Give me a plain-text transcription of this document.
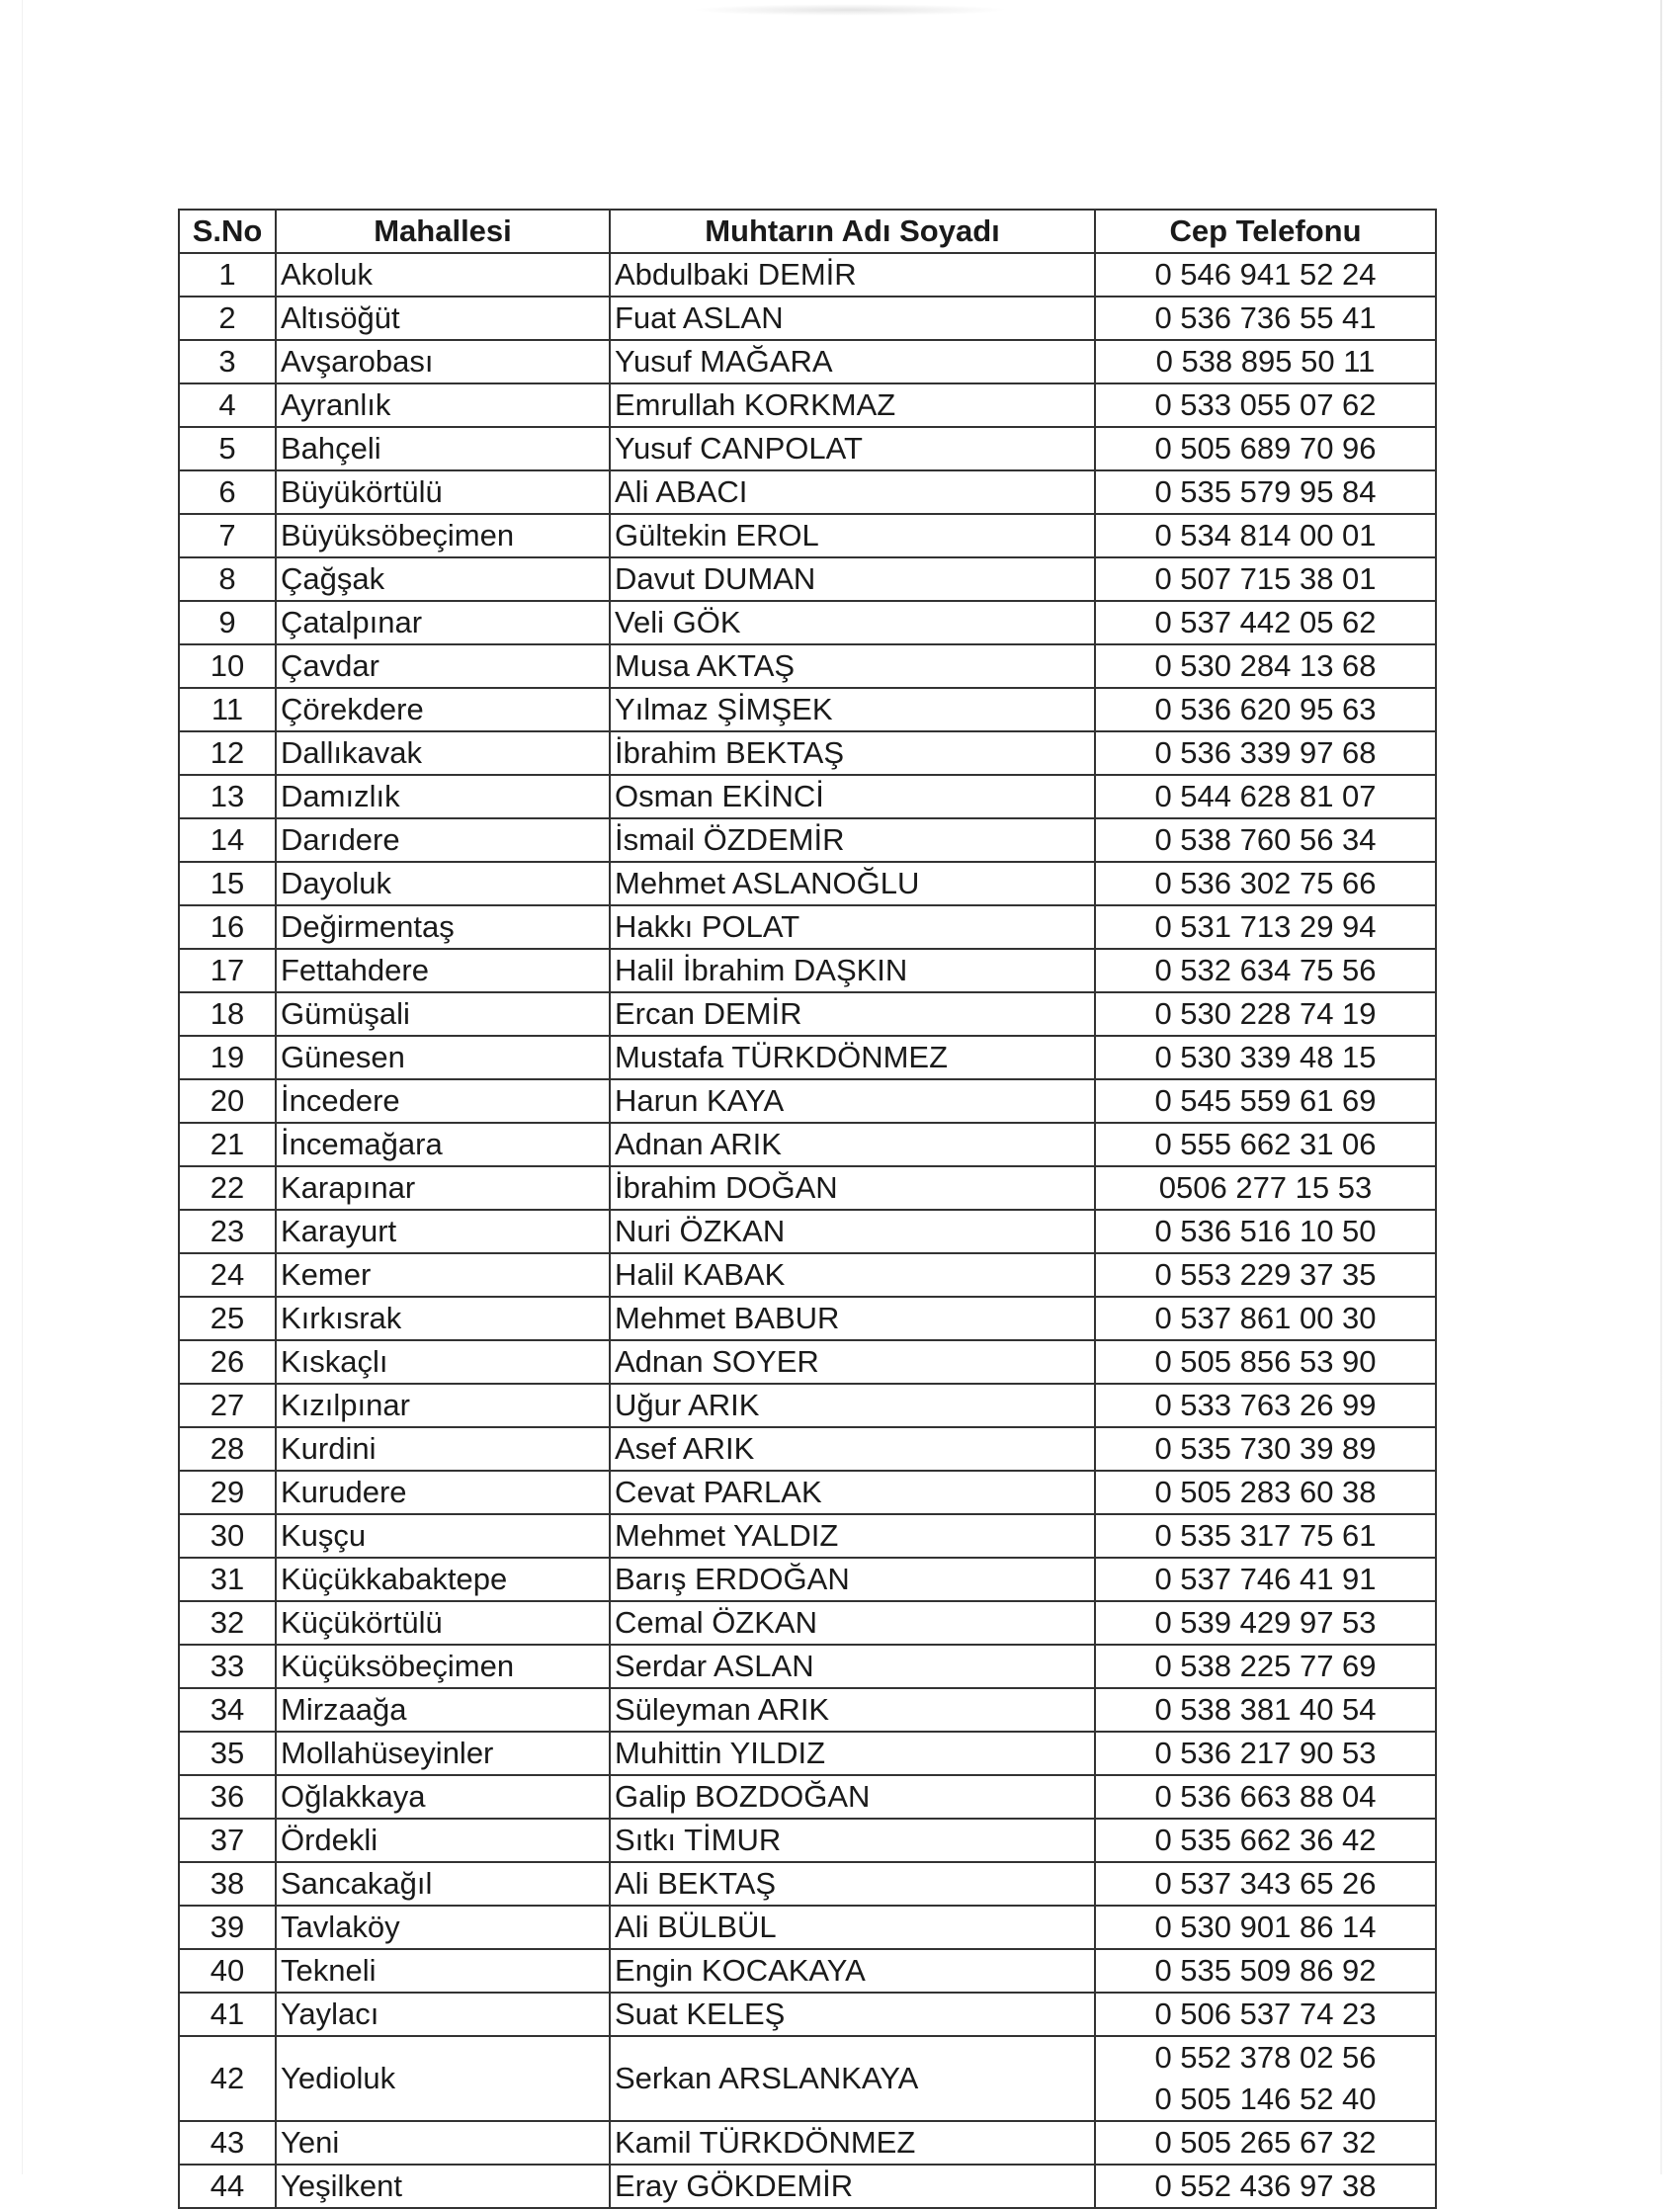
S.No	Mahallesi	Muhtarın Adı Soyadı	Cep Telefonu
1	Akoluk	Abdulbaki DEMİR	0 546 941 52 24

2	Altısöğüt	Fuat ASLAN	0 536 736 55 41

3	Avşarobası	Yusuf MAĞARA	0 538 895 50 11

4	Ayranlık	Emrullah KORKMAZ	0 533 055 07 62

5	Bahçeli	Yusuf CANPOLAT	0 505 689 70 96

6	Büyükörtülü	Ali ABACI	0 535 579 95 84

7	Büyüksöbeçimen	Gültekin EROL	0 534 814 00 01

8	Çağşak	Davut DUMAN	0 507 715 38 01

9	Çatalpınar	Veli GÖK	0 537 442 05 62

10	Çavdar	Musa AKTAŞ	0 530 284 13 68

11	Çörekdere	Yılmaz ŞİMŞEK	0 536 620 95 63

12	Dallıkavak	İbrahim BEKTAŞ	0 536 339 97 68

13	Damızlık	Osman EKİNCİ	0 544 628 81 07

14	Darıdere	İsmail ÖZDEMİR	0 538 760 56 34

15	Dayoluk	Mehmet ASLANOĞLU	0 536 302 75 66

16	Değirmentaş	Hakkı POLAT	0 531 713 29 94

17	Fettahdere	Halil İbrahim DAŞKIN	0 532 634 75 56

18	Gümüşali	Ercan DEMİR	0 530 228 74 19

19	Günesen	Mustafa TÜRKDÖNMEZ	0 530 339 48 15

20	İncedere	Harun KAYA	0 545 559 61 69

21	İncemağara	Adnan ARIK	0 555 662 31 06

22	Karapınar	İbrahim DOĞAN	0506 277 15 53

23	Karayurt	Nuri ÖZKAN	0 536 516 10 50

24	Kemer	Halil KABAK	0 553 229 37 35

25	Kırkısrak	Mehmet BABUR	0 537 861 00 30

26	Kıskaçlı	Adnan SOYER	0 505 856 53 90

27	Kızılpınar	Uğur ARIK	0 533 763 26 99

28	Kurdini	Asef ARIK	0 535 730 39 89

29	Kurudere	Cevat PARLAK	0 505 283 60 38

30	Kuşçu	Mehmet YALDIZ	0 535 317 75 61

31	Küçükkabaktepe	Barış ERDOĞAN	0 537 746 41 91

32	Küçükörtülü	Cemal ÖZKAN	0 539 429 97 53

33	Küçüksöbeçimen	Serdar ASLAN	0 538 225 77 69

34	Mirzaağa	Süleyman ARIK	0 538 381 40 54

35	Mollahüseyinler	Muhittin YILDIZ	0 536 217 90 53

36	Oğlakkaya	Galip BOZDOĞAN	0 536 663 88 04

37	Ördekli	Sıtkı TİMUR	0 535 662 36 42

38	Sancakağıl	Ali BEKTAŞ	0 537 343 65 26

39	Tavlaköy	Ali BÜLBÜL	0 530 901 86 14

40	Tekneli	Engin KOCAKAYA	0 535 509 86 92

41	Yaylacı	Suat KELEŞ	0 506 537 74 23

42	Yedioluk	Serkan ARSLANKAYA	0 552 378 02 56
0 505 146 52 40

43	Yeni	Kamil TÜRKDÖNMEZ	0 505 265 67 32

44	Yeşilkent	Eray GÖKDEMİR	0 552 436 97 38
